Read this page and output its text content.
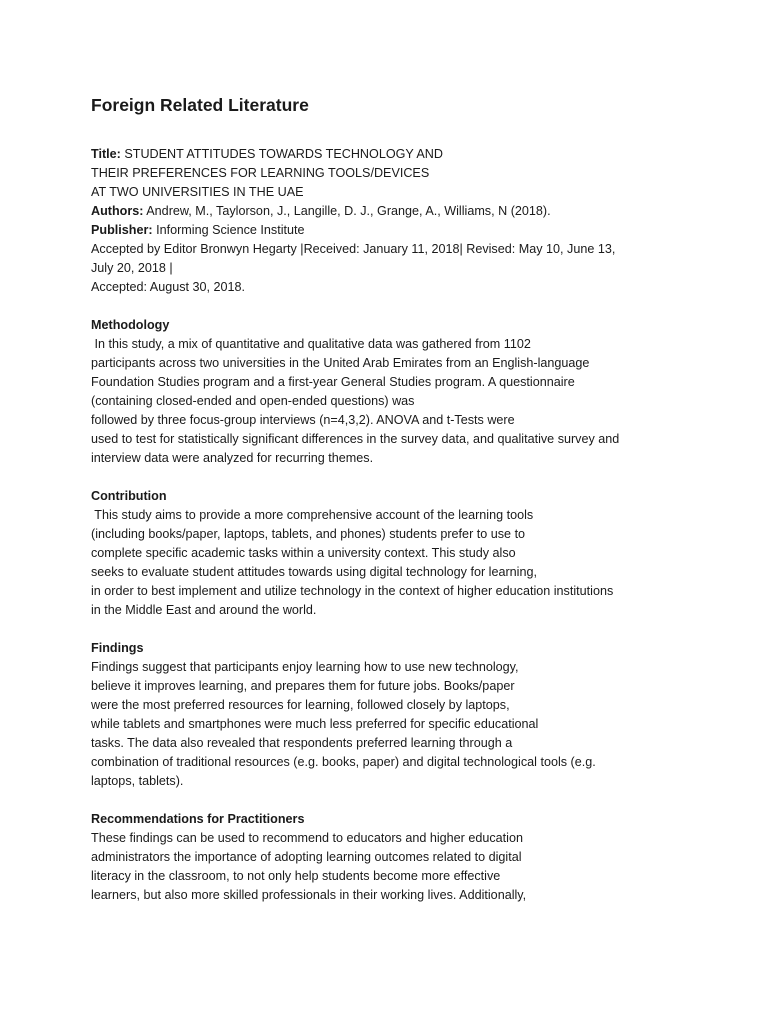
Foreign Related Literature
Title: STUDENT ATTITUDES TOWARDS TECHNOLOGY AND
THEIR PREFERENCES FOR LEARNING TOOLS/DEVICES
AT TWO UNIVERSITIES IN THE UAE
Authors: Andrew, M., Taylorson, J., Langille, D. J., Grange, A., Williams, N (2018).
Publisher: Informing Science Institute
Accepted by Editor Bronwyn Hegarty |Received: January 11, 2018| Revised: May 10, June 13,
July 20, 2018 |
Accepted: August 30, 2018.
Methodology
In this study, a mix of quantitative and qualitative data was gathered from 1102
participants across two universities in the United Arab Emirates from an English-language
Foundation Studies program and a first-year General Studies program. A questionnaire
(containing closed-ended and open-ended questions) was
followed by three focus-group interviews (n=4,3,2). ANOVA and t-Tests were
used to test for statistically significant differences in the survey data, and qualitative survey and
interview data were analyzed for recurring themes.
Contribution
This study aims to provide a more comprehensive account of the learning tools
(including books/paper, laptops, tablets, and phones) students prefer to use to
complete specific academic tasks within a university context. This study also
seeks to evaluate student attitudes towards using digital technology for learning,
in order to best implement and utilize technology in the context of higher education institutions
in the Middle East and around the world.
Findings
Findings suggest that participants enjoy learning how to use new technology,
believe it improves learning, and prepares them for future jobs. Books/paper
were the most preferred resources for learning, followed closely by laptops,
while tablets and smartphones were much less preferred for specific educational
tasks. The data also revealed that respondents preferred learning through a
combination of traditional resources (e.g. books, paper) and digital technological tools (e.g.
laptops, tablets).
Recommendations for Practitioners
These findings can be used to recommend to educators and higher education
administrators the importance of adopting learning outcomes related to digital
literacy in the classroom, to not only help students become more effective
learners, but also more skilled professionals in their working lives. Additionally,
